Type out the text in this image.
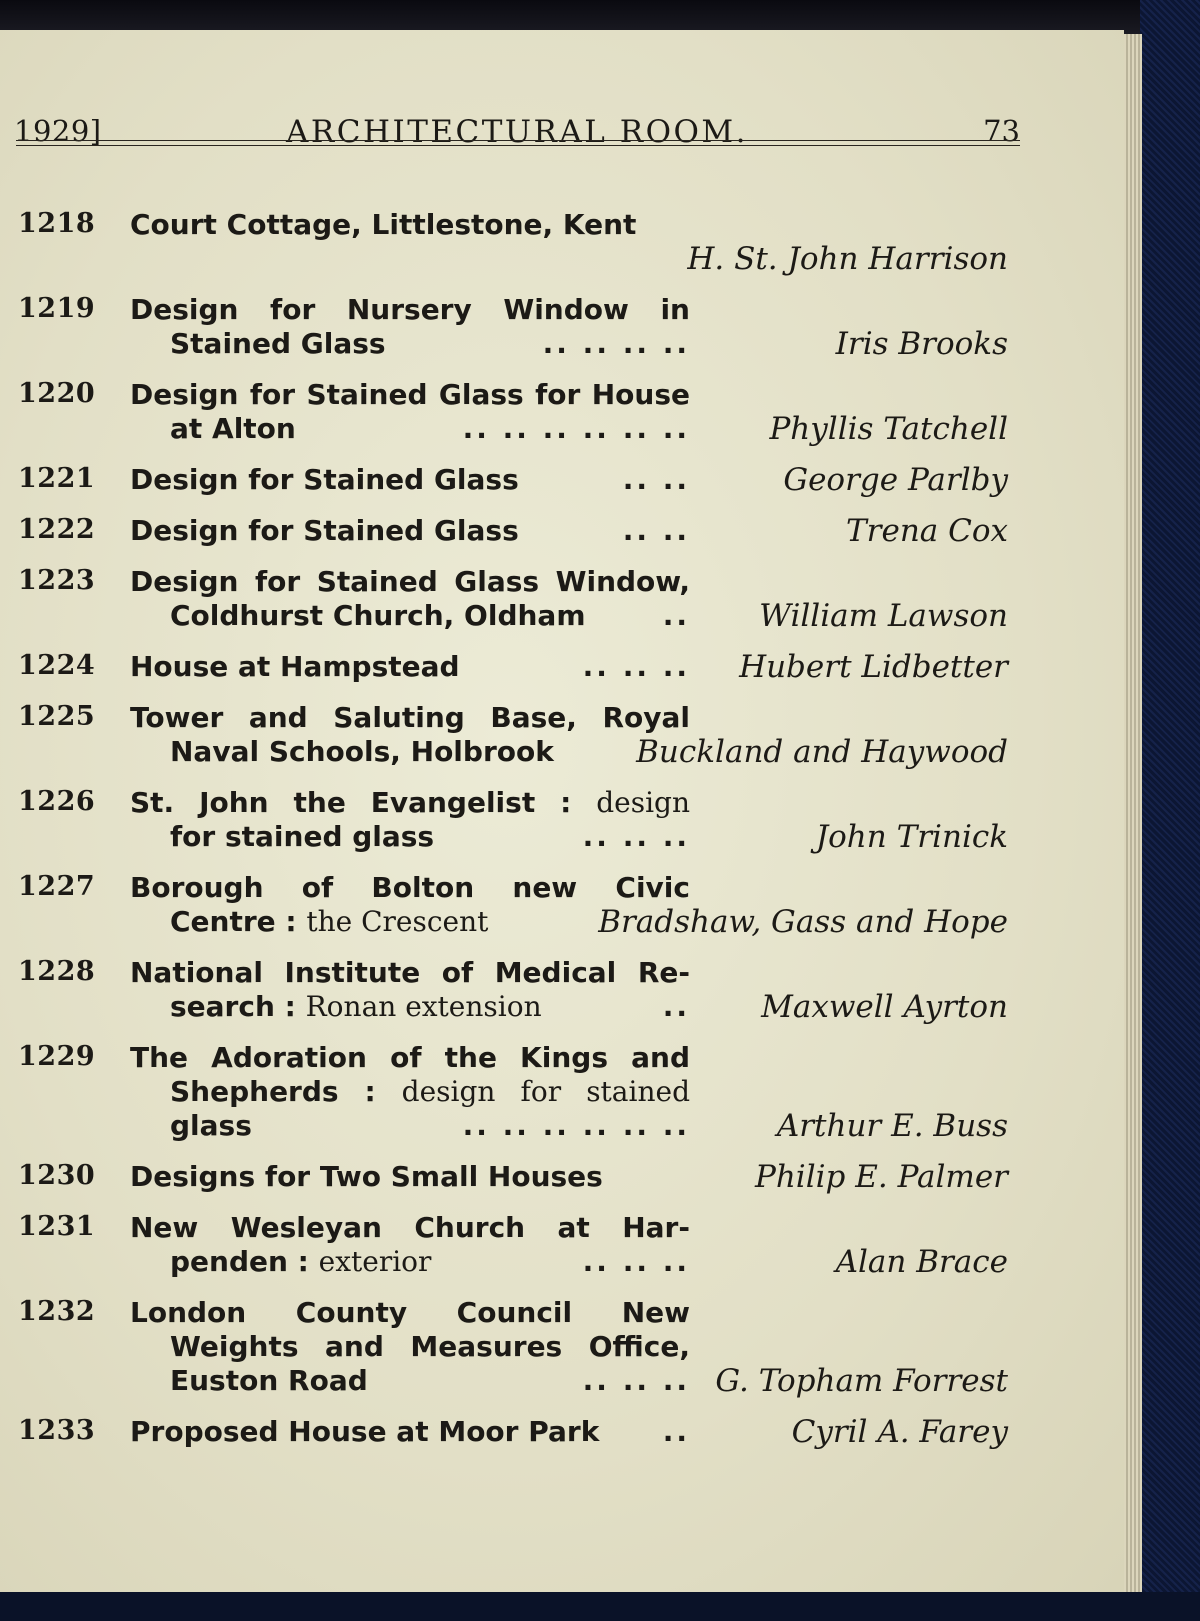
1929]	ARCHITECTURAL ROOM.	73
1218 Court Cottage, Littlestone, Kent
H. St. John Harrison
1219 Design for Nursery Window in
Stained Glass	.. .. .. ..	Iris Brooks
1220 Design for Stained Glass for House
at Alton	.. .. .. .. .. ..	Phyllis Tatchell
1221 Design for Stained Glass	.. ..	George Parlby
1222 Design for Stained Glass	.. ..	Trena Cox
1223 Design for Stained Glass Window,
Coldhurst Church, Oldham	.. William Lawson
1224 House at Hampstead	.. .. .. Hubert Lidbetter
1225 Tower and Saluting Base, Royal
Naval Schools, Holbrook	Buckland and Haywood
1226 St. John the Evangelist : design
for stained glass	.. .. ..	John Trinick
1227 Borough of Bolton new Civic
Centre : the Crescent	Bradshaw, Gass and Hope
1228 National Institute of Medical Re-
search : Ronan extension	.. Maxwell Ayrton
1229 The Adoration of the Kings and
Shepherds : design for stained
glass	.. .. .. .. .. ..	Arthur E. Buss
1230 Designs for Two Small Houses	Philip E. Palmer
1231 New Wesleyan Church at Har-
penden : exterior	.. .. ..	Alan Brace
1232 London County Council New
Weights and Measures Office,
Euston Road	.. .. .. G. Topham Forrest
1233 Proposed House at Moor Park ..	Cyril A. Farey
